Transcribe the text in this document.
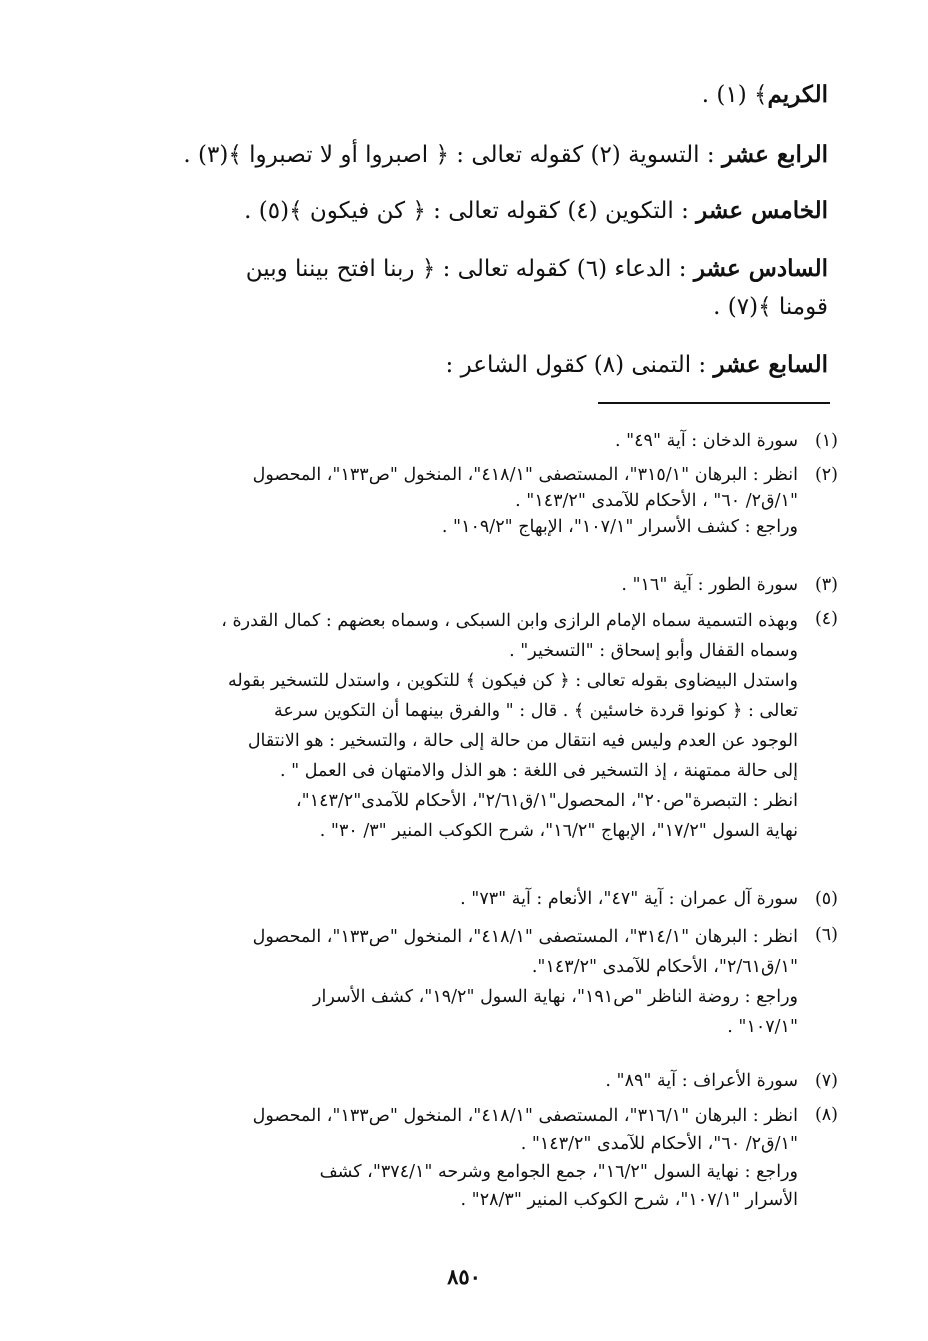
الكريم﴾ (١) .
الرابع عشر : التسوية (٢) كقوله تعالى : ﴿ اصبروا أو لا تصبروا ﴾(٣) .
الخامس عشر : التكوين (٤) كقوله تعالى : ﴿ كن فيكون ﴾(٥) .
السادس عشر : الدعاء (٦) كقوله تعالى : ﴿ ربنا افتح بيننا وبين
قومنا ﴾(٧) .
السابع عشر : التمنى (٨) كقول الشاعر :
(١)
سورة الدخان : آية "٤٩" .
(٢)
انظر : البرهان "٣١٥/١"، المستصفى "٤١٨/١"، المنخول "ص١٣٣"، المحصول
"١/ق٢/ ٦٠" ، الأحكام للآمدى "١٤٣/٢" .
وراجع : كشف الأسرار "١٠٧/١"، الإبهاج "١٠٩/٢" .
(٣)
سورة الطور : آية "١٦" .
(٤)
وبهذه التسمية سماه الإمام الرازى وابن السبكى ، وسماه بعضهم : كمال القدرة ،
وسماه القفال وأبو إسحاق : "التسخير" .
واستدل البيضاوى بقوله تعالى : ﴿ كن فيكون ﴾ للتكوين ، واستدل للتسخير بقوله
تعالى : ﴿ كونوا قردة خاسئين ﴾ . قال : " والفرق بينهما أن التكوين سرعة
الوجود عن العدم وليس فيه انتقال من حالة إلى حالة ، والتسخير : هو الانتقال
إلى حالة ممتهنة ، إذ التسخير فى اللغة : هو الذل والامتهان فى العمل " .
انظر : التبصرة"ص٢٠"، المحصول"١/ق٢/٦١"، الأحكام للآمدى"١٤٣/٢"،
نهاية السول "١٧/٢"، الإبهاج "١٦/٢"، شرح الكوكب المنير "٣/ ٣٠" .
(٥)
سورة آل عمران : آية "٤٧"، الأنعام : آية "٧٣" .
(٦)
انظر : البرهان "٣١٤/١"، المستصفى "٤١٨/١"، المنخول "ص١٣٣"، المحصول
"١/ق٢/٦١"، الأحكام للآمدى "١٤٣/٢".
وراجع : روضة الناظر "ص١٩١"، نهاية السول "١٩/٢"، كشف الأسرار
"١٠٧/١" .
(٧)
سورة الأعراف : آية "٨٩" .
(٨)
انظر : البرهان "٣١٦/١"، المستصفى "٤١٨/١"، المنخول "ص١٣٣"، المحصول
"١/ق٢/ ٦٠"، الأحكام للآمدى "١٤٣/٢" .
وراجع : نهاية السول "١٦/٢"، جمع الجوامع وشرحه "٣٧٤/١"، كشف
الأسرار "١٠٧/١"، شرح الكوكب المنير "٢٨/٣" .
٨٥٠
